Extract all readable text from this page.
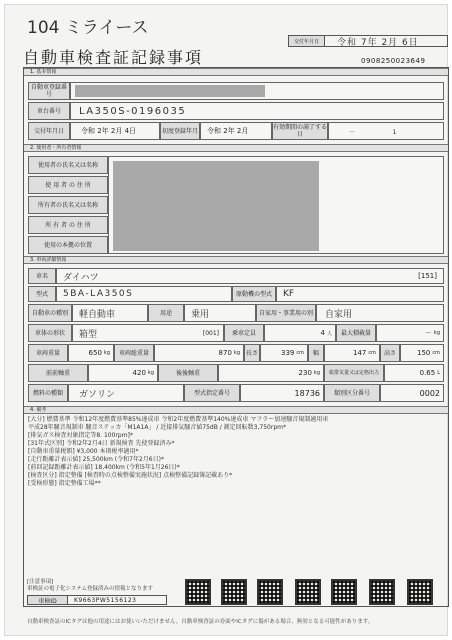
104 ミライース
自動車検査証記録事項
交付年月日	令和 7年 2月 6日
0908250023649
1. 基本情報
自動車登録番号
車台番号	LA350S-0196035
交付年月日	令和 2年 2月 4日	初度登録年月 令和 2年 2月	有効期間の満了する日	－ 　　 　 　　 1
2. 使用者・所有者情報
使用者の氏名又は名称
使 用 者 の 住 所
所有者の氏名又は名称
所 有 者 の 住 所
使用の本拠の位置
3. 車両詳細情報
車名	ダイハツ	[151]
型式	5BA-LA350S	原動機の型式	KF
自動車の種別	軽自動車	用途	乗用	自家用・事業用の別	自家用
車体の形状	箱型	[001]	乗車定員	4 人	最大積載量	－ kg
車両重量	650 kg	車両総重量	870 kg 長さ	339 cm	幅	147 cm	高さ	150 cm
前前軸重	420 kg	後後軸重	230 kg	総排気量又は定格出力	0.65 L
燃料の種類	ガソリン	型式指定番号	18736	類別区分番号	0002
4. 備考
[大分] 燃費基準 令和12年度燃費基準85%達成車 令和2年度燃費基準140%達成車 マフラー加速騒音規制適用車
平成28年騒音規制車 騒音ステッカ「M1A1A」 / 近接排気騒音値75dB / 測定回転数3,750rpm*
[排気ガス検査対象指定等8. 100rpm]*
[31年式区別] 令和2年2月4日 新規検査 先使登録済み*
[自動車重量税額] ¥3,000 本則税率適用*
[走行距離計表示値] 25,500km (令和7年2月6日)*
[前回記録距離計表示値] 18,400km (令和5年1月26日)*
[検査区分] 指定整備 [検査時の点検整備実施状況] 点検整備記録簿記載あり*
[受検形態] 指定整備工場**
[注意事項]
車検証の電子化システム登録済みの情報となります
車検ID	K9663PW5156123
自動車検査証のICタグは他の用途にはお使いいただけません。自動車検査証の券面やICタグに傷がある場合、無効となる可能性があります。
